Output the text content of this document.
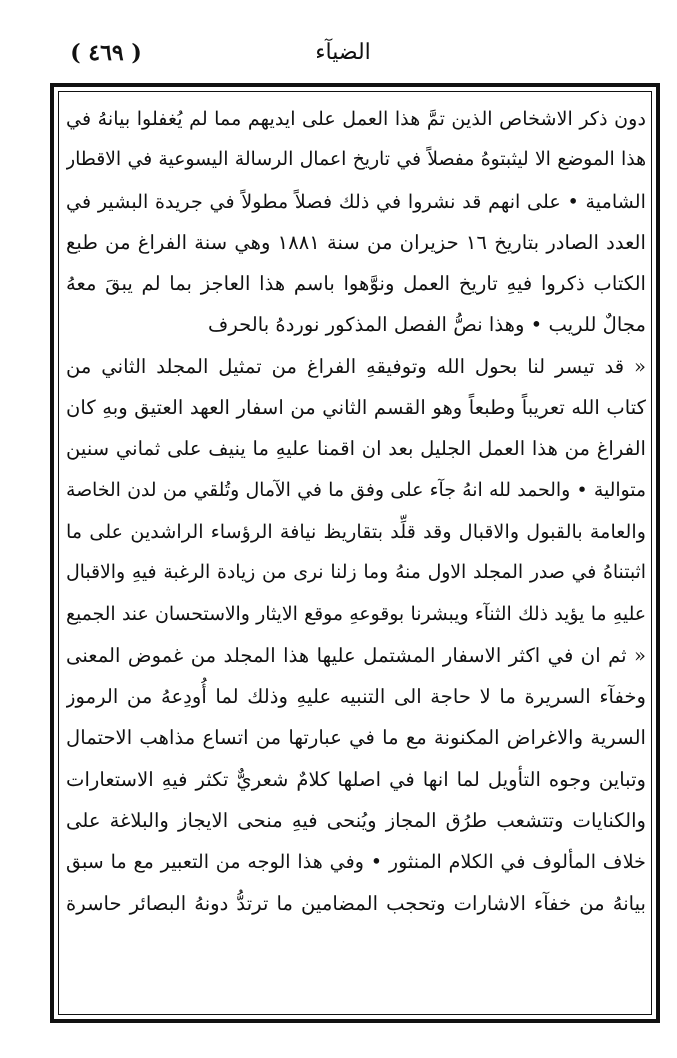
( ٤٦٩ )	الضيآء
دون ذكر الاشخاص الذين تمَّ هذا العمل على ايديهم مما لم يُغفلوا بيانهُ في
هذا الموضع الا ليثبتوهُ مفصلاً في تاريخ اعمال الرسالة اليسوعية في الاقطار
الشامية • على انهم قد نشروا في ذلك فصلاً مطولاً في جريدة البشير في
العدد الصادر بتاريخ ١٦ حزيران من سنة ١٨٨١ وهي سنة الفراغ من طبع
الكتاب ذكروا فيهِ تاريخ العمل ونوَّهوا باسم هذا العاجز بما لم يبقَ معهُ
مجالٌ للريب • وهذا نصُّ الفصل المذكور نوردهُ بالحرف
« قد تيسر لنا بحول الله وتوفيقهِ الفراغ من تمثيل المجلد الثاني من
كتاب الله تعريباً وطبعاً وهو القسم الثاني من اسفار العهد العتيق وبهِ كان
الفراغ من هذا العمل الجليل بعد ان اقمنا عليهِ ما ينيف على ثماني سنين
متوالية • والحمد لله انهُ جآء على وفق ما في الآمال وتُلقي من لدن الخاصة
والعامة بالقبول والاقبال وقد قلِّد بتقاريظ نيافة الرؤساء الراشدين على ما
اثبتناهُ في صدر المجلد الاول منهُ وما زلنا نرى من زيادة الرغبة فيهِ والاقبال
عليهِ ما يؤيد ذلك الثنآء ويبشرنا بوقوعهِ موقع الايثار والاستحسان عند الجميع
« ثم ان في اكثر الاسفار المشتمل عليها هذا المجلد من غموض المعنى
وخفآء السريرة ما لا حاجة الى التنبيه عليهِ وذلك لما أُودِعهُ من الرموز
السرية والاغراض المكنونة مع ما في عبارتها من اتساع مذاهب الاحتمال
وتباين وجوه التأويل لما انها في اصلها كلامٌ شعريٌّ تكثر فيهِ الاستعارات
والكنايات وتتشعب طرُق المجاز ويُنحى فيهِ منحى الايجاز والبلاغة على
خلاف المألوف في الكلام المنثور • وفي هذا الوجه من التعبير مع ما سبق
بيانهُ من خفآء الاشارات وتحجب المضامين ما ترتدُّ دونهُ البصائر حاسرة
